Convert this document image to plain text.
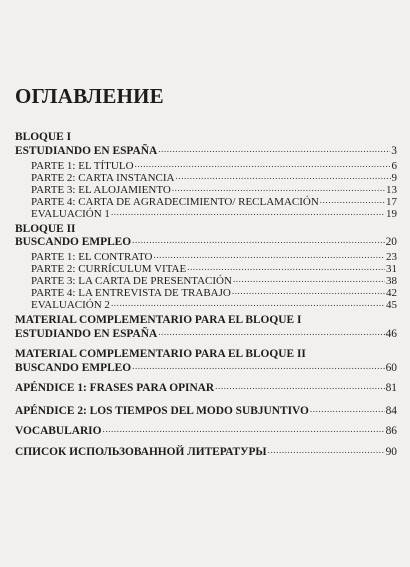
ОГЛАВЛЕНИЕ
BLOQUE I
ESTUDIANDO EN ESPAÑA .....	3
PARTE 1: EL TÍTULO .....	6
PARTE 2: CARTA INSTANCIA .....	9
PARTE 3: EL ALOJAMIENTO .....	13
PARTE 4: CARTA DE AGRADECIMIENTO/ RECLAMACIÓN .....	17
EVALUACIÓN 1 .....	19
BLOQUE II
BUSCANDO EMPLEO .....	20
PARTE 1: EL CONTRATO .....	23
PARTE 2: CURRÍCULUM VITAE .....	31
PARTE 3: LA CARTA DE PRESENTACIÓN .....	38
PARTE 4: LA ENTREVISTA DE TRABAJO .....	42
EVALUACIÓN 2 .....	45
MATERIAL COMPLEMENTARIO PARA EL BLOQUE I
ESTUDIANDO EN ESPAÑA .....	46
MATERIAL COMPLEMENTARIO PARA EL BLOQUE II
BUSCANDO EMPLEO .....	60
APÉNDICE 1: FRASES PARA OPINAR .....	81
APÉNDICE 2: LOS TIEMPOS DEL MODO SUBJUNTIVO .....	84
VOCABULARIO .....	86
СПИСОК ИСПОЛЬЗОВАННОЙ ЛИТЕРАТУРЫ .....	90
